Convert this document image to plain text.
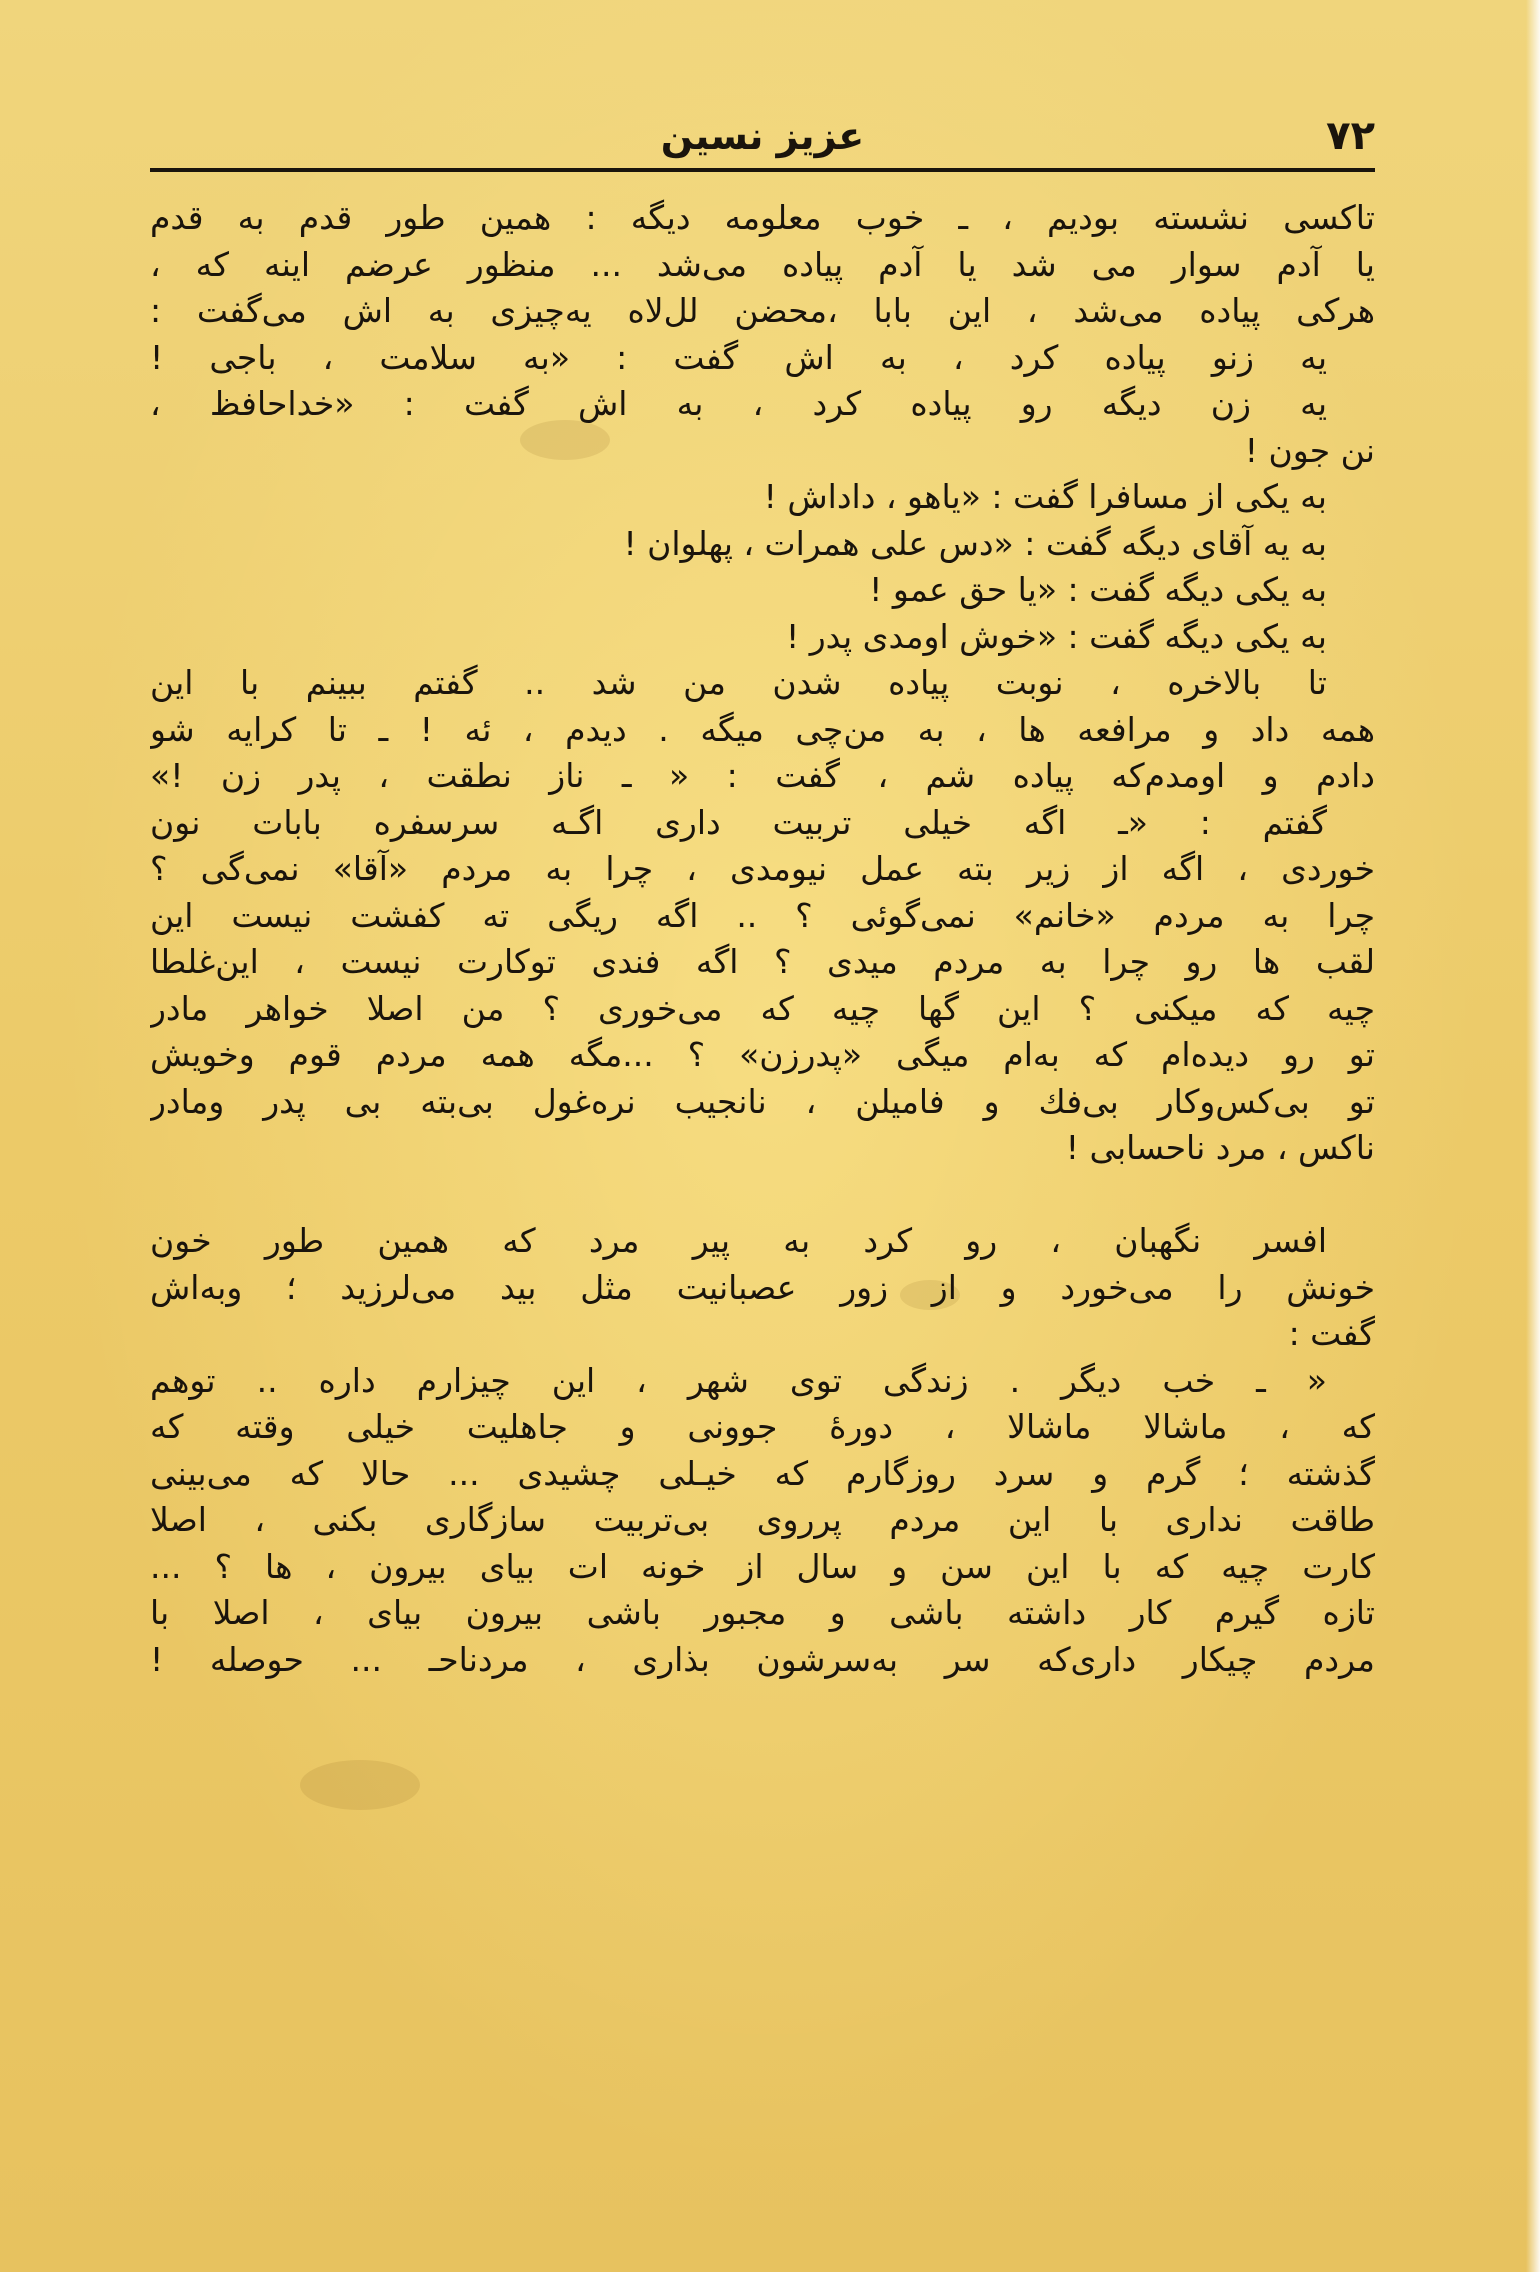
۷۲
عزیز نسین
تاکسی نشسته بودیم ، ـ خوب معلومه دیگه : همین طور قدم به قدم
یا آدم سوار می شد یا آدم پیاده می‌شد ... منظور عرضم اینه که ،
هرکی پیاده می‌شد ، این بابا ،محضن لل‌لاه یه‌چیزی به اش می‌گفت :
یه زنو پیاده کرد ، به اش گفت : «به سلامت ، باجی !
یه زن دیگه رو پیاده کرد ، به اش گفت : «خداحافظ ،
نن جون !
به یکی از مسافرا گفت : «یاهو ، داداش !
به یه آقای دیگه گفت : «دس علی همرات ، پهلوان !
به یکی دیگه گفت : «یا حق عمو !
به یکی دیگه گفت : «خوش اومدی پدر !
تا بالاخره ، نوبت پیاده شدن من شد .. گفتم ببینم با این
همه داد و مرافعه ها ، به من‌چی میگه . دیدم ، ئه ! ـ تا کرایه شو
دادم و اومدم‌که پیاده شم ، گفت : « ـ ناز نطقت ، پدر زن !»
گفتم : «ـ اگه خیلی تربیت داری اگـه سرسفره بابات نون
خوردی ، اگه از زیر بته عمل نیومدی ، چرا به مردم «آقا» نمی‌گی ؟
چرا به مردم «خانم» نمی‌گوئی ؟ .. اگه ریگی ته کفشت نیست این
لقب ها رو چرا به مردم میدی ؟ اگه فندی توکارت نیست ، این‌غلطا
چیه که میکنی ؟ این گها چیه که می‌خوری ؟ من اصلا خواهر مادر
تو رو دیده‌ام که به‌ام میگی «پدرزن» ؟ ...مگه همه مردم قوم وخویش
تو بی‌کس‌وکار بی‌فك و فامیلن ، نانجیب نره‌غول بی‌بته بی پدر ومادر
ناکس ، مرد ناحسابی !
افسر نگهبان ، رو کرد به پیر مرد که همین طور خون
خونش را می‌خورد و از زور عصبانیت مثل بید می‌لرزید ؛ وبه‌اش
گفت :
« ـ خب دیگر . زندگی توی شهر ، این چیزارم داره .. توهم
که ، ماشالا ماشالا ، دورهٔ جوونی و جاهلیت خیلی وقته که
گذشته ؛ گرم و سرد روزگارم که خیـلی چشیدی ... حالا که می‌بینی
طاقت نداری با این مردم پرروی بی‌تربیت سازگاری بکنی ، اصلا
کارت چیه که با این سن و سال از خونه ات بیای بیرون ، ها ؟ ...
تازه گیرم کار داشته باشی و مجبور باشی بیرون بیای ، اصلا با
مردم چیکار داری‌که سر به‌سرشون بذاری ، مردناحـ ... حوصله !
